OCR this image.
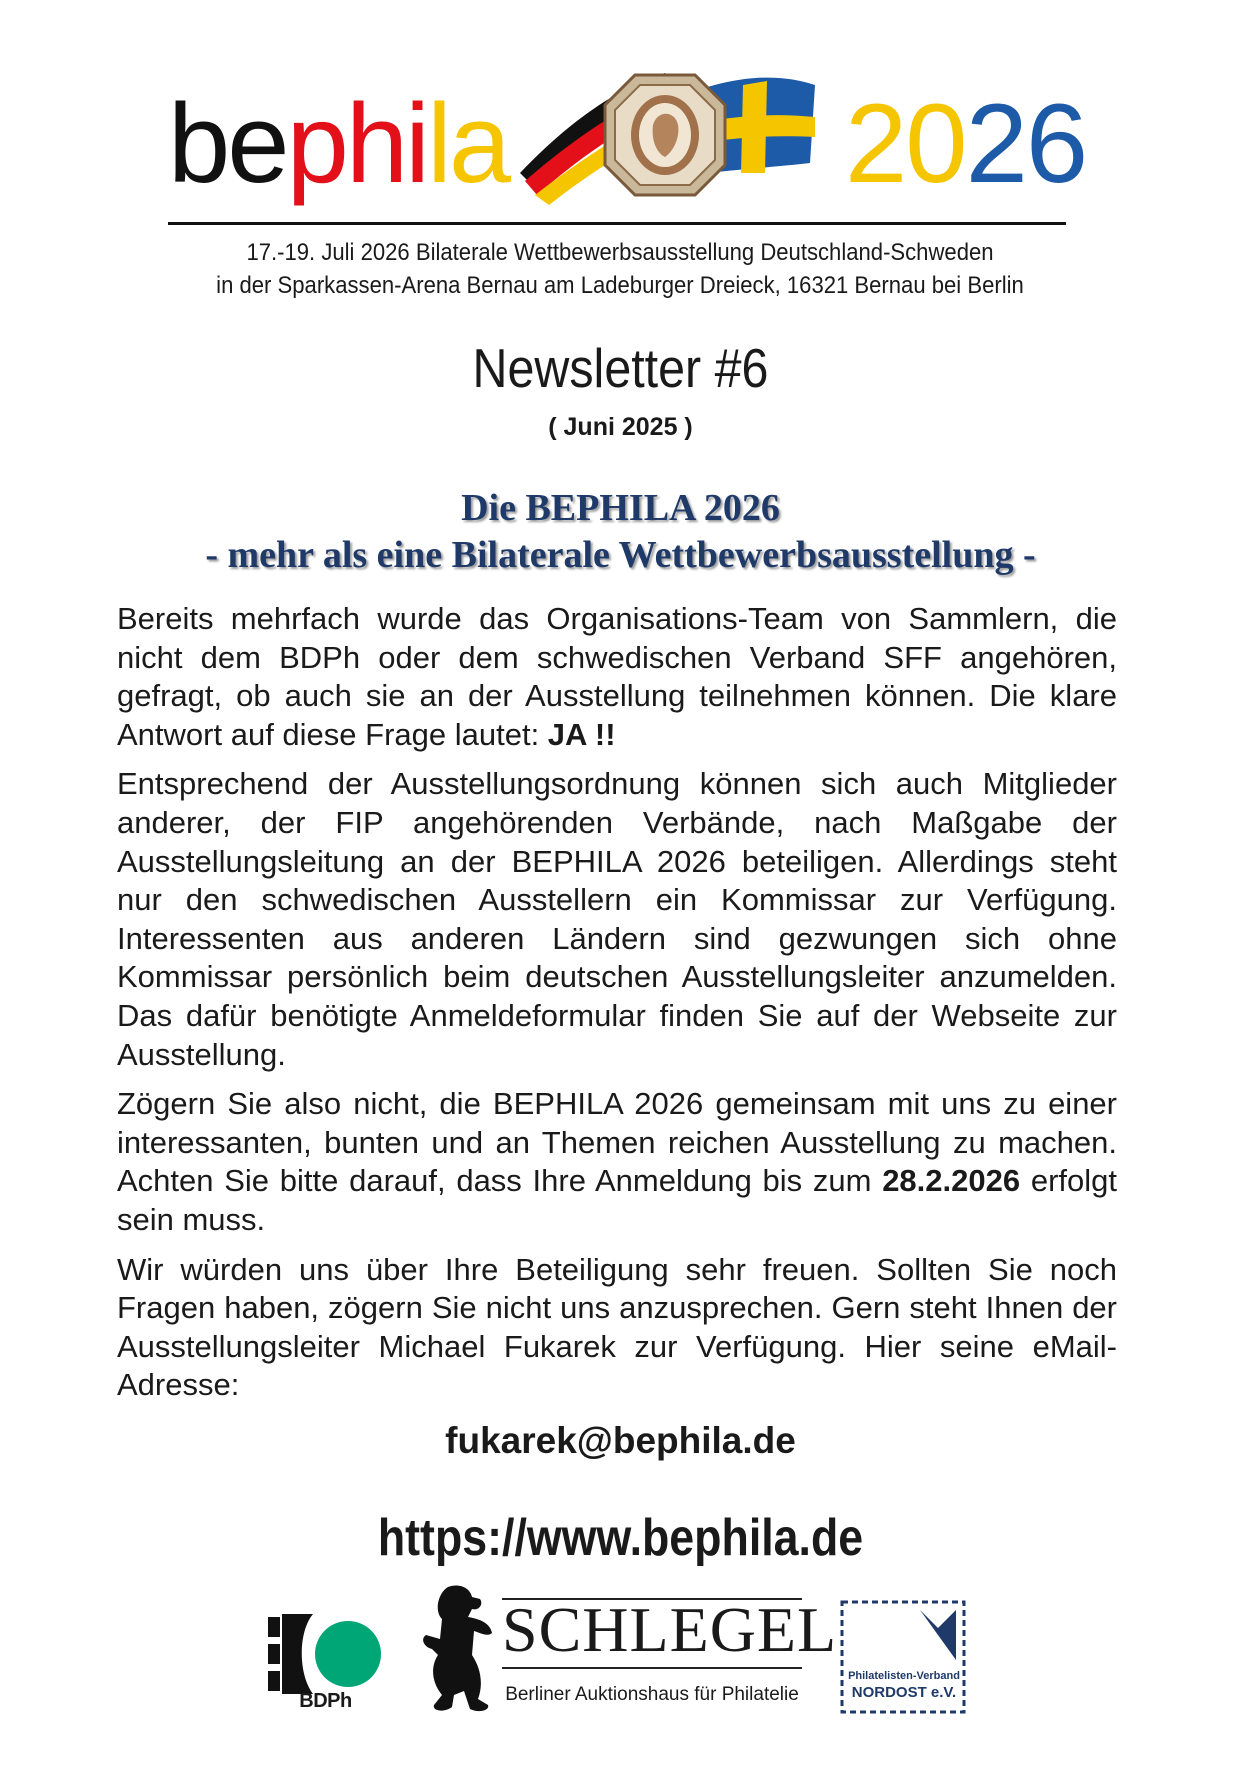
bephila	2026
17.-19. Juli 2026 Bilaterale Wettbewerbsausstellung Deutschland-Schweden
in der Sparkassen-Arena Bernau am Ladeburger Dreieck, 16321 Bernau bei Berlin
Newsletter #6
( Juni 2025 )
Die BEPHILA 2026
- mehr als eine Bilaterale Wettbewerbsausstellung -

Bereits mehrfach wurde das Organisations-Team von Sammlern, die nicht dem BDPh oder dem schwedischen Verband SFF angehören, gefragt, ob auch sie an der Ausstellung teilnehmen können. Die klare Antwort auf diese Frage lautet: JA !!

Entsprechend der Ausstellungsordnung können sich auch Mitglieder anderer, der FIP angehörenden Verbände, nach Maßgabe der Ausstellungsleitung an der BEPHILA 2026 beteiligen. Allerdings steht nur den schwedischen Ausstellern ein Kommissar zur Verfügung. Interessenten aus anderen Ländern sind gezwungen sich ohne Kommissar persönlich beim deutschen Ausstellungsleiter anzumelden. Das dafür benötigte Anmeldeformular finden Sie auf der Webseite zur Ausstellung.

Zögern Sie also nicht, die BEPHILA 2026 gemeinsam mit uns zu einer interessanten, bunten und an Themen reichen Ausstellung zu machen. Achten Sie bitte darauf, dass Ihre Anmeldung bis zum 28.2.2026 erfolgt sein muss.

Wir würden uns über Ihre Beteiligung sehr freuen. Sollten Sie noch Fragen haben, zögern Sie nicht uns anzusprechen. Gern steht Ihnen der Ausstellungsleiter Michael Fukarek zur Verfügung. Hier seine eMail-Adresse:

fukarek@bephila.de
https://www.bephila.de
BDPh
SCHLEGEL
Berliner Auktionshaus für Philatelie
Philatelisten-Verband
NORDOST e.V.
